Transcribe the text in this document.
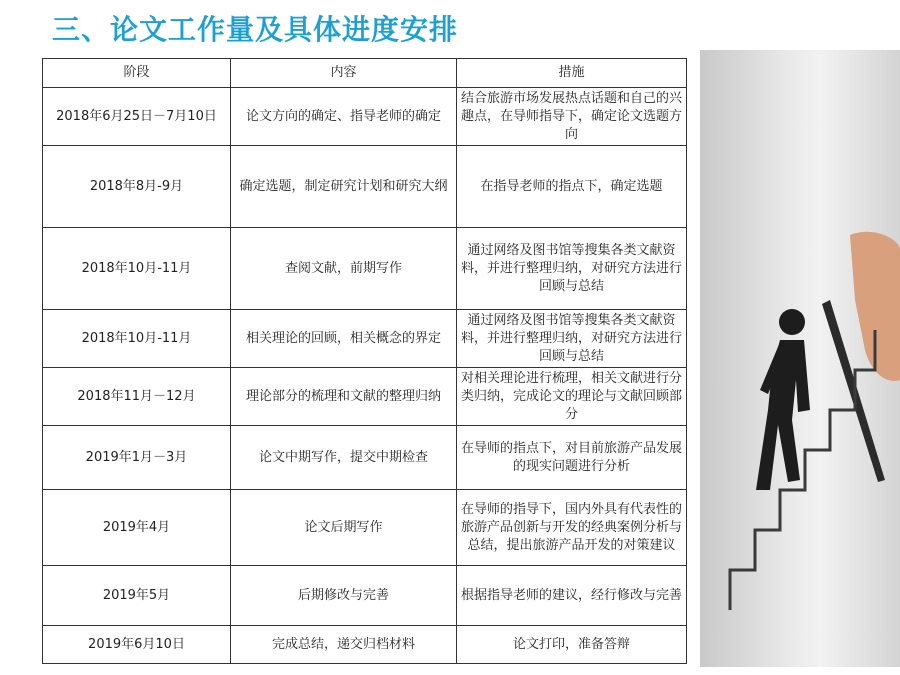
三、论文工作量及具体进度安排
阶段	内容	措施
2018年6月25日－7月10日	论文方向的确定、指导老师的确定	结合旅游市场发展热点话题和自己的兴趣点，在导师指导下，确定论文选题方向
2018年8月-9月	确定选题，制定研究计划和研究大纲	在指导老师的指点下，确定选题
2018年10月-11月	查阅文献，前期写作	通过网络及图书馆等搜集各类文献资料，并进行整理归纳，对研究方法进行回顾与总结
2018年10月-11月	相关理论的回顾，相关概念的界定	通过网络及图书馆等搜集各类文献资料，并进行整理归纳，对研究方法进行回顾与总结
2018年11月－12月	理论部分的梳理和文献的整理归纳	对相关理论进行梳理，相关文献进行分类归纳，完成论文的理论与文献回顾部分
2019年1月－3月	论文中期写作，提交中期检查	在导师的指点下，对目前旅游产品发展的现实问题进行分析
2019年4月	论文后期写作	在导师的指导下，国内外具有代表性的旅游产品创新与开发的经典案例分析与总结，提出旅游产品开发的对策建议
2019年5月	后期修改与完善	根据指导老师的建议，经行修改与完善
2019年6月10日	完成总结，递交归档材料	论文打印，准备答辩
